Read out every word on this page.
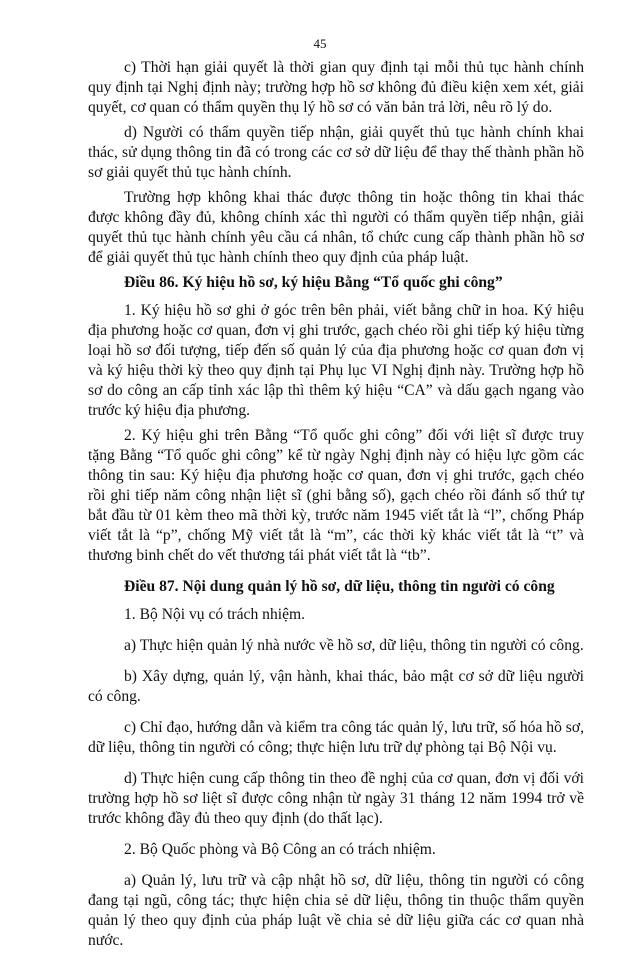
45

c) Thời hạn giải quyết là thời gian quy định tại mỗi thủ tục hành chính quy định tại Nghị định này; trường hợp hồ sơ không đủ điều kiện xem xét, giải quyết, cơ quan có thẩm quyền thụ lý hồ sơ có văn bản trả lời, nêu rõ lý do.

d) Người có thẩm quyền tiếp nhận, giải quyết thủ tục hành chính khai thác, sử dụng thông tin đã có trong các cơ sở dữ liệu để thay thế thành phần hồ sơ giải quyết thủ tục hành chính.

Trường hợp không khai thác được thông tin hoặc thông tin khai thác được không đầy đủ, không chính xác thì người có thẩm quyền tiếp nhận, giải quyết thủ tục hành chính yêu cầu cá nhân, tổ chức cung cấp thành phần hồ sơ để giải quyết thủ tục hành chính theo quy định của pháp luật.

Điều 86. Ký hiệu hồ sơ, ký hiệu Bằng “Tổ quốc ghi công”

1. Ký hiệu hồ sơ ghi ở góc trên bên phải, viết bằng chữ in hoa. Ký hiệu địa phương hoặc cơ quan, đơn vị ghi trước, gạch chéo rồi ghi tiếp ký hiệu từng loại hồ sơ đối tượng, tiếp đến số quản lý của địa phương hoặc cơ quan đơn vị và ký hiệu thời kỳ theo quy định tại Phụ lục VI Nghị định này. Trường hợp hồ sơ do công an cấp tỉnh xác lập thì thêm ký hiệu “CA” và dấu gạch ngang vào trước ký hiệu địa phương.

2. Ký hiệu ghi trên Bằng “Tổ quốc ghi công” đối với liệt sĩ được truy tặng Bằng “Tổ quốc ghi công” kể từ ngày Nghị định này có hiệu lực gồm các thông tin sau: Ký hiệu địa phương hoặc cơ quan, đơn vị ghi trước, gạch chéo rồi ghi tiếp năm công nhận liệt sĩ (ghi bằng số), gạch chéo rồi đánh số thứ tự bắt đầu từ 01 kèm theo mã thời kỳ, trước năm 1945 viết tắt là “l”, chống Pháp viết tắt là “p”, chống Mỹ viết tắt là “m”, các thời kỳ khác viết tắt là “t” và thương binh chết do vết thương tái phát viết tắt là “tb”.

Điều 87. Nội dung quản lý hồ sơ, dữ liệu, thông tin người có công

1. Bộ Nội vụ có trách nhiệm.

a) Thực hiện quản lý nhà nước về hồ sơ, dữ liệu, thông tin người có công.

b) Xây dựng, quản lý, vận hành, khai thác, bảo mật cơ sở dữ liệu người có công.

c) Chỉ đạo, hướng dẫn và kiểm tra công tác quản lý, lưu trữ, số hóa hồ sơ, dữ liệu, thông tin người có công; thực hiện lưu trữ dự phòng tại Bộ Nội vụ.

d) Thực hiện cung cấp thông tin theo đề nghị của cơ quan, đơn vị đối với trường hợp hồ sơ liệt sĩ được công nhận từ ngày 31 tháng 12 năm 1994 trở về trước không đầy đủ theo quy định (do thất lạc).

2. Bộ Quốc phòng và Bộ Công an có trách nhiệm.

a) Quản lý, lưu trữ và cập nhật hồ sơ, dữ liệu, thông tin người có công đang tại ngũ, công tác; thực hiện chia sẻ dữ liệu, thông tin thuộc thẩm quyền quản lý theo quy định của pháp luật về chia sẻ dữ liệu giữa các cơ quan nhà nước.
